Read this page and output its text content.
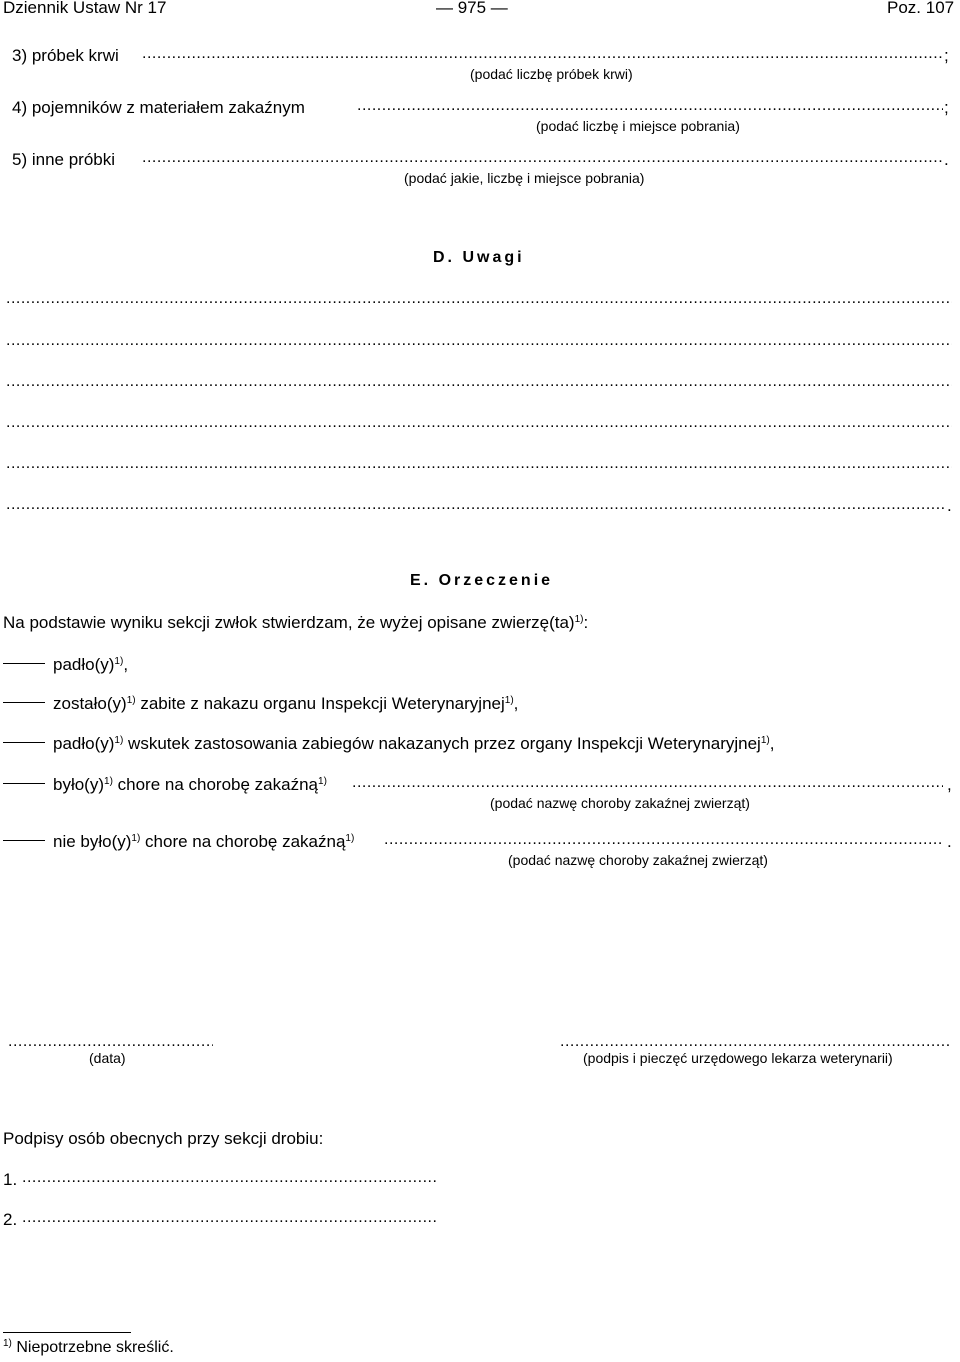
Dziennik Ustaw Nr 17	— 975 —	Poz. 107
3) próbek krwi .....	;
(podać liczbę próbek krwi)
4) pojemników z materiałem zakaźnym .....	;
(podać liczbę i miejsce pobrania)
5) inne próbki .....	.
(podać jakie, liczbę i miejsce pobrania)
D. Uwagi
.....
.....
.....
.....
.....
.....
.
E. Orzeczenie
Na podstawie wyniku sekcji zwłok stwierdzam, że wyżej opisane zwierzę(ta)$^{1)}$:
$padło(y)^{1)}$,
$zostało(y)^{1)}$ zabite z nakazu organu Inspekcji Weterynaryjnej$^{1)}$,
$padło(y)^{1)}$ wskutek zastosowania zabiegów nakazanych przez organy Inspekcji Weterynaryjnej$^{1)}$,
$było(y)^{1)}$ chore na chorobę zakaźną$^{1)}$ .....	,
(podać nazwę choroby zakaźnej zwierząt)
nie $było(y)^{1)}$ chore na chorobę zakaźną$^{1)}$ .....	.
(podać nazwę choroby zakaźnej zwierząt)
.....
(data)
.....	(podpis i pieczęć urzędowego lekarza weterynarii)
Podpisy osób obecnych przy sekcji drobiu:
1.
.....
2.
.....
$^{1)}$ Niepotrzebne skreślić.
